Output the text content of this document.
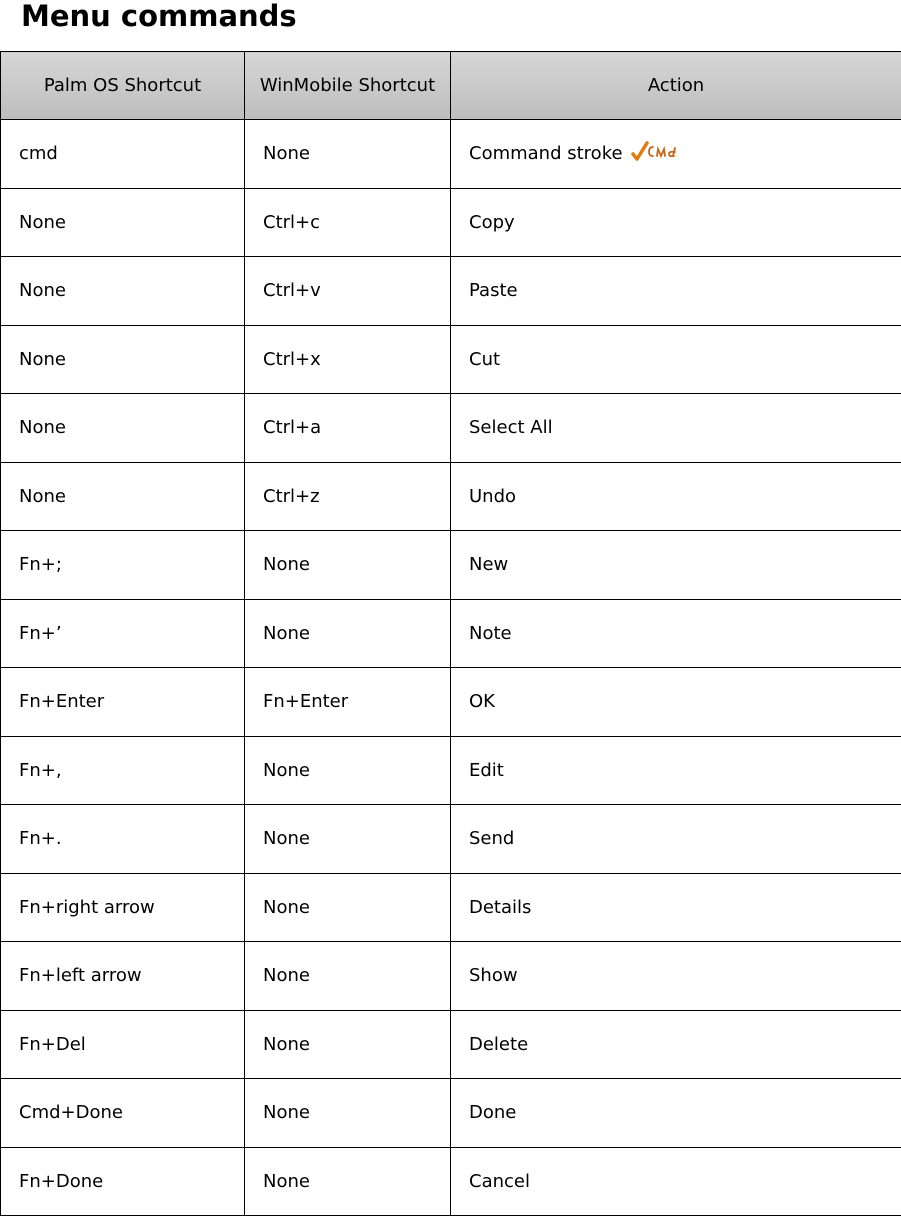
Menu commands
Palm OS Shortcut	WinMobile Shortcut	Action
cmd	None	Command stroke
None	Ctrl+c	Copy
None	Ctrl+v	Paste
None	Ctrl+x	Cut
None	Ctrl+a	Select All
None	Ctrl+z	Undo
Fn+;	None	New
Fn+’	None	Note
Fn+Enter	Fn+Enter	OK
Fn+,	None	Edit
Fn+.	None	Send
Fn+right arrow	None	Details
Fn+left arrow	None	Show
Fn+Del	None	Delete
Cmd+Done	None	Done
Fn+Done	None	Cancel
